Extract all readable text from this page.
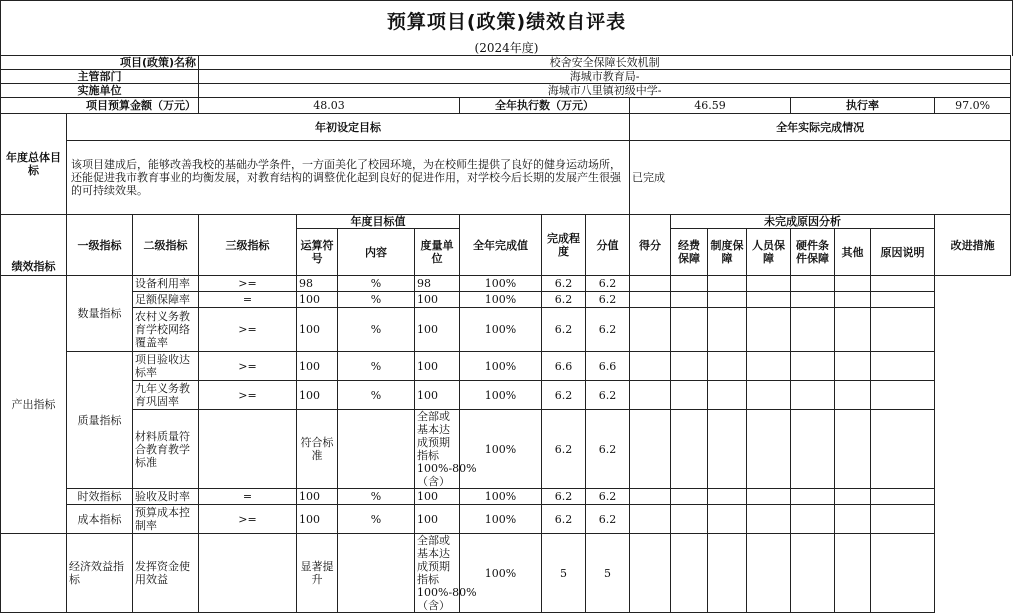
预算项目(政策)绩效自评表
(2024年度)
项目(政策)名称			校舍安全保障长效机制														
主管部门			海城市教育局-														
实施单位			海城市八里镇初级中学-														
项目预算金额（万元）			48.03				全年执行数（万元）			46.59				执行率			97.0%
年度总体目标	年初设定目标									全年实际完成情况							
	该项目建成后，能够改善我校的基础办学条件，一方面美化了校园环境，为在校师生提供了良好的健身运动场所，还能促进我市教育事业的均衡发展，对教育结构的调整优化起到良好的促进作用，对学校今后长期的发展产生很强的可持续效果。									已完成							
绩效指标	一级指标	二级指标	三级指标	年度目标值			全年完成值	完成程度	分值	得分	未完成原因分析						改进措施
				运算符号	内容	度量单位					经费保障	制度保障	人员保障	硬件条件保障	其他	原因说明	
产出指标	数量指标	设备利用率	>=	98	%	98	100%	6.2	6.2								
		足额保障率	=	100	%	100	100%	6.2	6.2								
		农村义务教育学校网络覆盖率	>=	100	%	100	100%	6.2	6.2								
	质量指标	项目验收达标率	>=	100	%	100	100%	6.6	6.6								
		九年义务教育巩固率	>=	100	%	100	100%	6.2	6.2								
		材料质量符合教育教学标准		符合标准		全部或基本达成预期指标100%-80%（含）	100%	6.2	6.2								
	时效指标	验收及时率	=	100	%	100	100%	6.2	6.2								
	成本指标	预算成本控制率	>=	100	%	100	100%	6.2	6.2								
	经济效益指标	发挥资金使用效益		显著提升		全部或基本达成预期指标100%-80%（含）	100%	5	5								
